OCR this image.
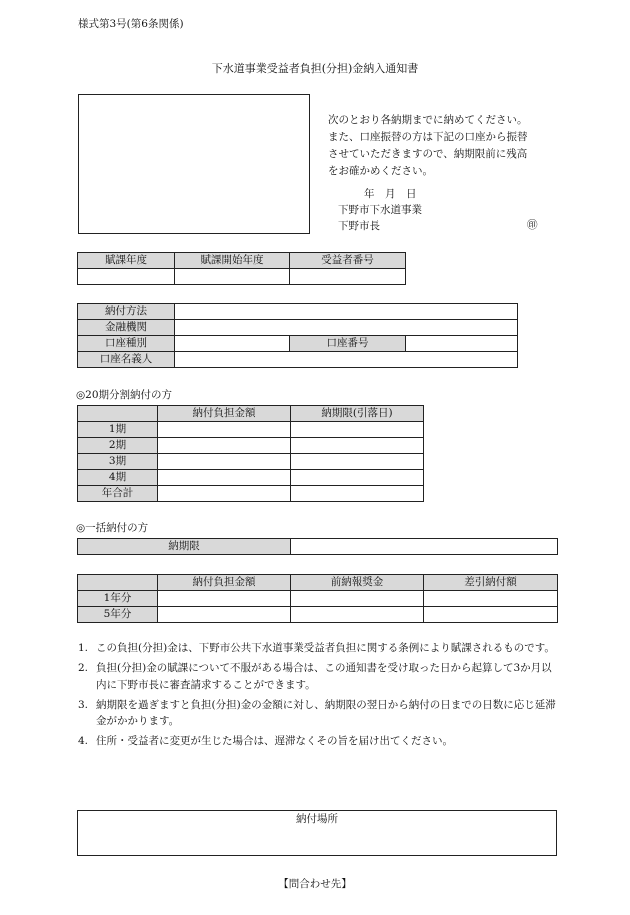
様式第3号(第6条関係)
下水道事業受益者負担(分担)金納入通知書
次のとおり各納期までに納めてください。
また、口座振替の方は下記の口座から振替
させていただきますので、納期限前に残高
をお確かめください。
年　月　日
下野市下水道事業
下野市長	㊞
賦課年度	賦課開始年度	受益者番号

納付方法			
金融機関			
口座種別		口座番号	
口座名義人			
◎20期分割納付の方
	納付負担金額	納期限(引落日)
1期		
2期		
3期		
4期		
年合計		
◎一括納付の方
納期限	
	納付負担金額	前納報奨金	差引納付額
1年分			
5年分			
1. この負担(分担)金は、下野市公共下水道事業受益者負担に関する条例により賦課されるものです。
2. 負担(分担)金の賦課について不服がある場合は、この通知書を受け取った日から起算して3か月以内に下野市長に審査請求することができます。
3. 納期限を過ぎますと負担(分担)金の金額に対し、納期限の翌日から納付の日までの日数に応じ延滞金がかかります。
4. 住所・受益者に変更が生じた場合は、遅滞なくその旨を届け出てください。
納付場所
【問合わせ先】
